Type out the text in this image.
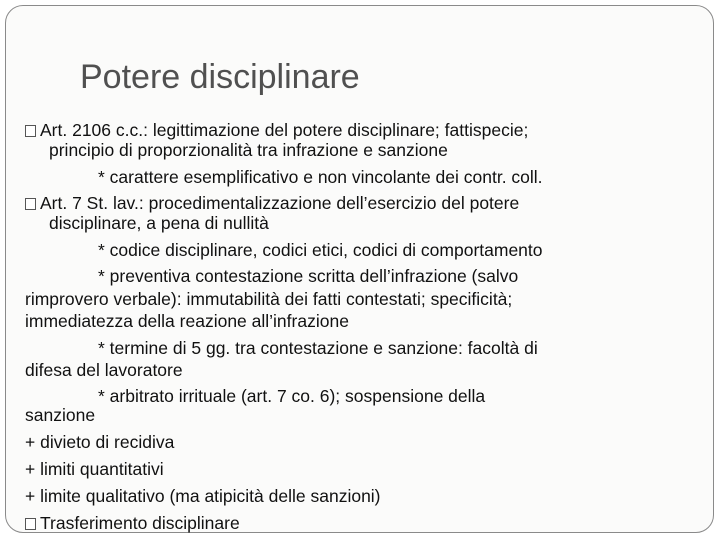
Potere disciplinare
Art. 2106 c.c.: legittimazione del potere disciplinare; fattispecie;
principio di proporzionalità tra infrazione e sanzione
* carattere esemplificativo e non vincolante dei contr. coll.
Art. 7 St. lav.: procedimentalizzazione dell’esercizio del potere
disciplinare, a pena di nullità
* codice disciplinare, codici etici, codici di comportamento
* preventiva contestazione scritta dell’infrazione (salvo
rimprovero verbale): immutabilità dei fatti contestati; specificità;
immediatezza della reazione all’infrazione
* termine di 5 gg. tra contestazione e sanzione: facoltà di
difesa del lavoratore
* arbitrato irrituale (art. 7 co. 6); sospensione della
sanzione
+ divieto di recidiva
+ limiti quantitativi
+ limite qualitativo (ma atipicità delle sanzioni)
Trasferimento disciplinare
